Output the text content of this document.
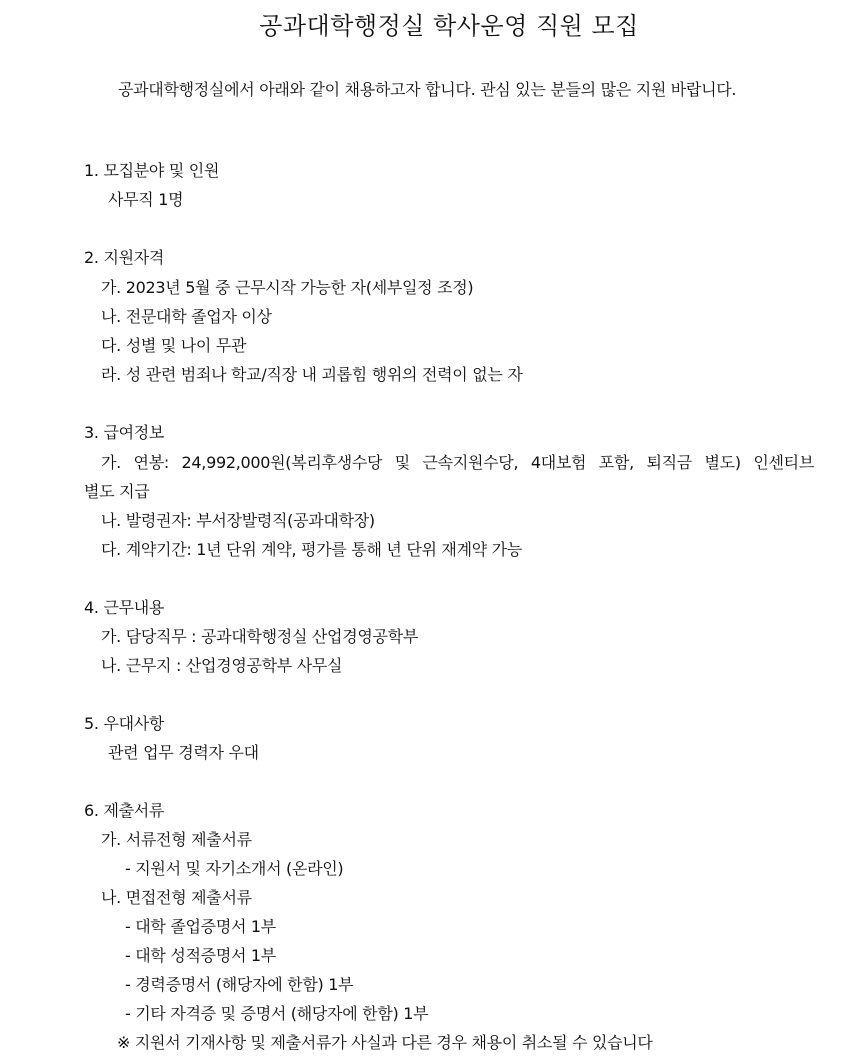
공과대학행정실 학사운영 직원 모집
공과대학행정실에서 아래와 같이 채용하고자 합니다. 관심 있는 분들의 많은 지원 바랍니다.
1. 모집분야 및 인원
사무직 1명
2. 지원자격
가. 2023년 5월 중 근무시작 가능한 자(세부일정 조정)
나. 전문대학 졸업자 이상
다. 성별 및 나이 무관
라. 성 관련 범죄나 학교/직장 내 괴롭힘 행위의 전력이 없는 자
3. 급여정보
가. 연봉: 24,992,000원(복리후생수당 및 근속지원수당, 4대보험 포함, 퇴직금 별도) 인센티브
별도 지급
나. 발령권자: 부서장발령직(공과대학장)
다. 계약기간: 1년 단위 계약, 평가를 통해 년 단위 재계약 가능
4. 근무내용
가. 담당직무 : 공과대학행정실 산업경영공학부
나. 근무지 : 산업경영공학부 사무실
5. 우대사항
관련 업무 경력자 우대
6. 제출서류
가. 서류전형 제출서류
- 지원서 및 자기소개서 (온라인)
나. 면접전형 제출서류
- 대학 졸업증명서 1부
- 대학 성적증명서 1부
- 경력증명서 (해당자에 한함) 1부
- 기타 자격증 및 증명서 (해당자에 한함) 1부
※ 지원서 기재사항 및 제출서류가 사실과 다른 경우 채용이 취소될 수 있습니다
